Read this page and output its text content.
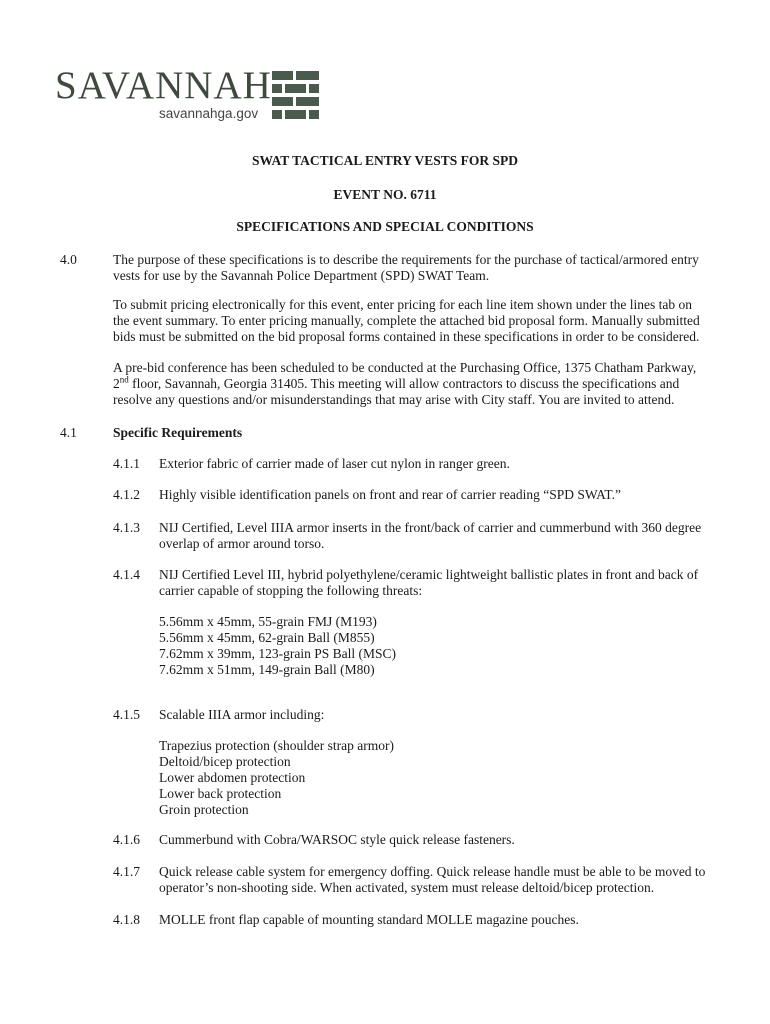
SAVANNAH
savannahga.gov
SWAT TACTICAL ENTRY VESTS FOR SPD
EVENT NO. 6711
SPECIFICATIONS AND SPECIAL CONDITIONS
4.0	The purpose of these specifications is to describe the requirements for the purchase of tactical/armored entry
vests for use by the Savannah Police Department (SPD) SWAT Team.
To submit pricing electronically for this event, enter pricing for each line item shown under the lines tab on
the event summary. To enter pricing manually, complete the attached bid proposal form. Manually submitted
bids must be submitted on the bid proposal forms contained in these specifications in order to be considered.
A pre-bid conference has been scheduled to be conducted at the Purchasing Office, 1375 Chatham Parkway,
2nd floor, Savannah, Georgia 31405. This meeting will allow contractors to discuss the specifications and
resolve any questions and/or misunderstandings that may arise with City staff. You are invited to attend.
4.1	Specific Requirements
4.1.1 Exterior fabric of carrier made of laser cut nylon in ranger green.
4.1.2 Highly visible identification panels on front and rear of carrier reading “SPD SWAT.”
4.1.3 NIJ Certified, Level IIIA armor inserts in the front/back of carrier and cummerbund with 360 degree
overlap of armor around torso.
4.1.4 NIJ Certified Level III, hybrid polyethylene/ceramic lightweight ballistic plates in front and back of
carrier capable of stopping the following threats:
5.56mm x 45mm, 55-grain FMJ (M193)
5.56mm x 45mm, 62-grain Ball (M855)
7.62mm x 39mm, 123-grain PS Ball (MSC)
7.62mm x 51mm, 149-grain Ball (M80)
4.1.5 Scalable IIIA armor including:
Trapezius protection (shoulder strap armor)
Deltoid/bicep protection
Lower abdomen protection
Lower back protection
Groin protection
4.1.6 Cummerbund with Cobra/WARSOC style quick release fasteners.
4.1.7 Quick release cable system for emergency doffing. Quick release handle must be able to be moved to
operator’s non-shooting side. When activated, system must release deltoid/bicep protection.
4.1.8 MOLLE front flap capable of mounting standard MOLLE magazine pouches.
